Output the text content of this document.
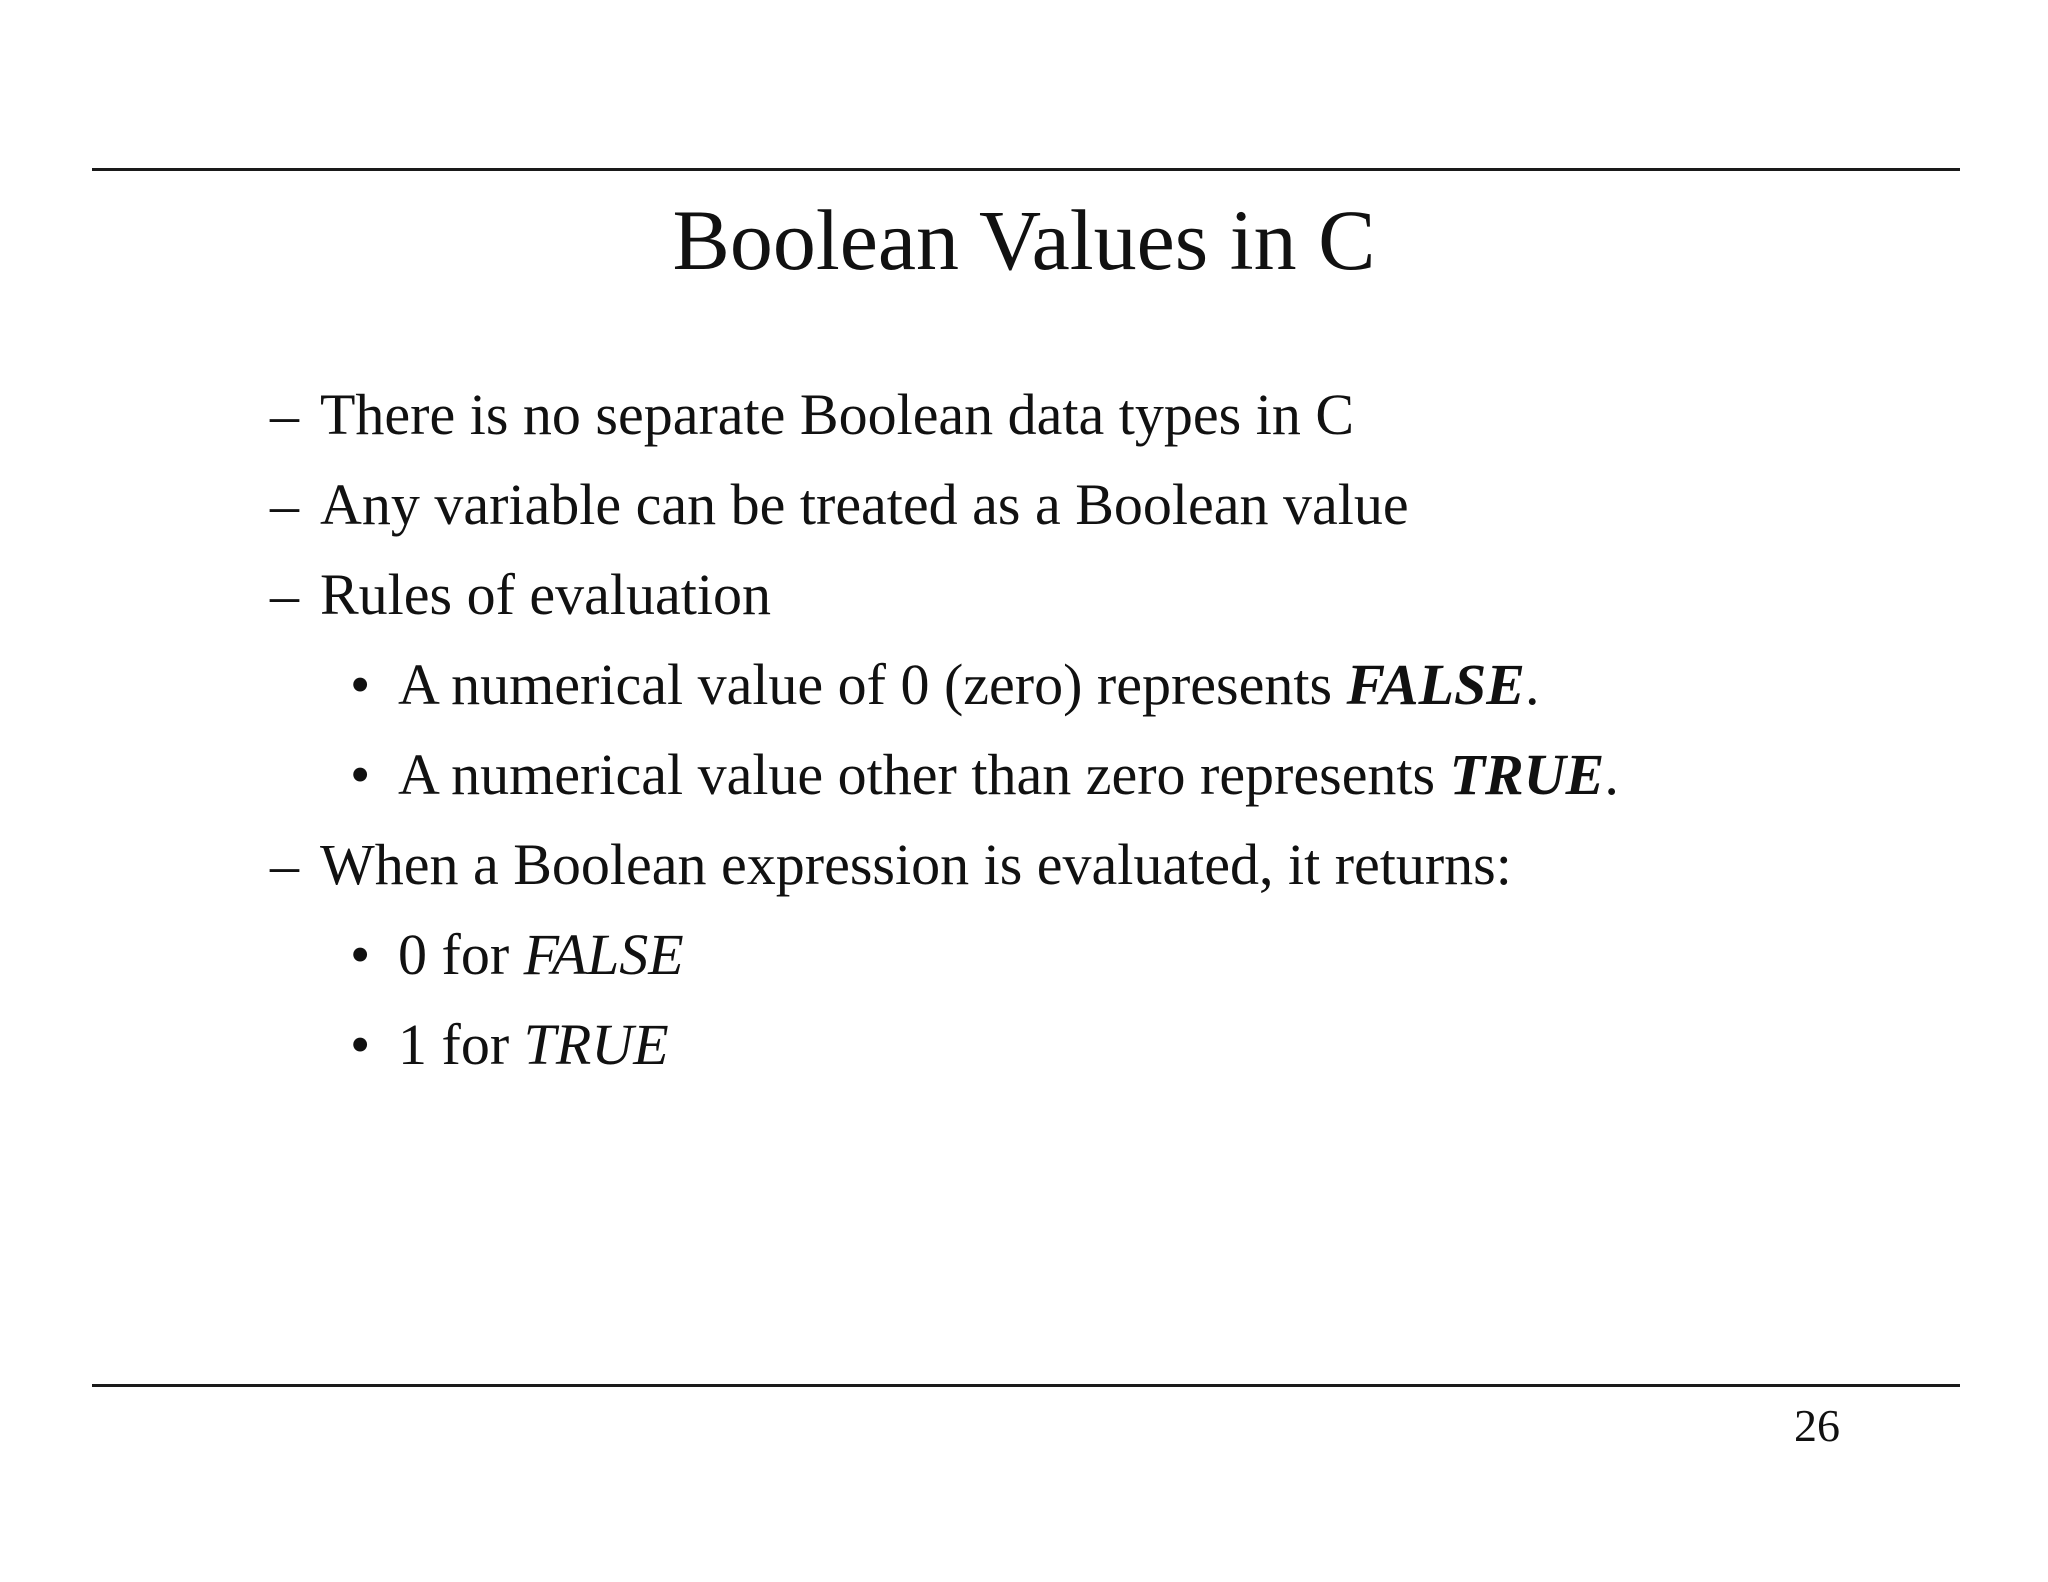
Boolean Values in C
– There is no separate Boolean data types in C
– Any variable can be treated as a Boolean value
– Rules of evaluation
• A numerical value of 0 (zero) represents FALSE.
• A numerical value other than zero represents TRUE.
– When a Boolean expression is evaluated, it returns:
• 0 for FALSE
• 1 for TRUE
26
